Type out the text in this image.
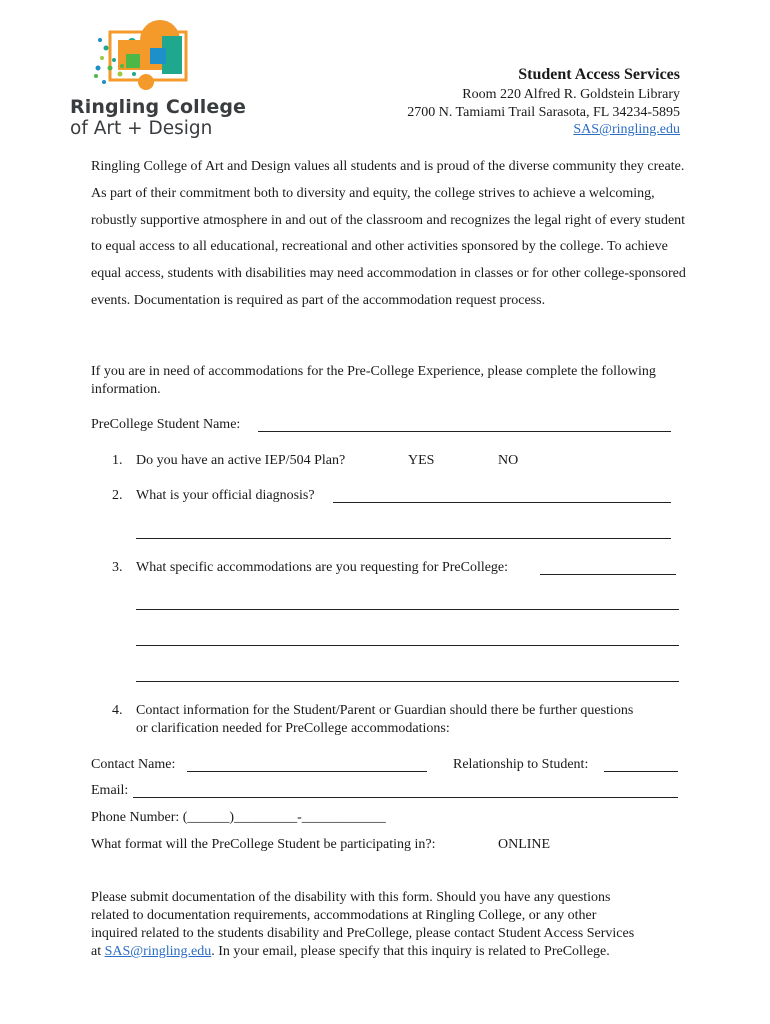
Ringling College
of Art + Design
Student Access Services
Room 220 Alfred R. Goldstein Library
2700 N. Tamiami Trail Sarasota, FL 34234-5895
SAS@ringling.edu
Ringling College of Art and Design values all students and is proud of the diverse community they create. As part of their commitment both to diversity and equity, the college strives to achieve a welcoming, robustly supportive atmosphere in and out of the classroom and recognizes the legal right of every student to equal access to all educational, recreational and other activities sponsored by the college. To achieve equal access, students with disabilities may need accommodation in classes or for other college-sponsored events. Documentation is required as part of the accommodation request process.
If you are in need of accommodations for the Pre-College Experience, please complete the following information.
PreCollege Student Name:
1. Do you have an active IEP/504 Plan?	YES	NO
2. What is your official diagnosis?
3. What specific accommodations are you requesting for PreCollege:
4. Contact information for the Student/Parent or Guardian should there be further questions
or clarification needed for PreCollege accommodations:
Contact Name:	Relationship to Student:
Email:
Phone Number: (______)_________-____________
What format will the PreCollege Student be participating in?:	ONLINE
Please submit documentation of the disability with this form. Should you have any questions
related to documentation requirements, accommodations at Ringling College, or any other
inquired related to the students disability and PreCollege, please contact Student Access Services
at SAS@ringling.edu. In your email, please specify that this inquiry is related to PreCollege.
